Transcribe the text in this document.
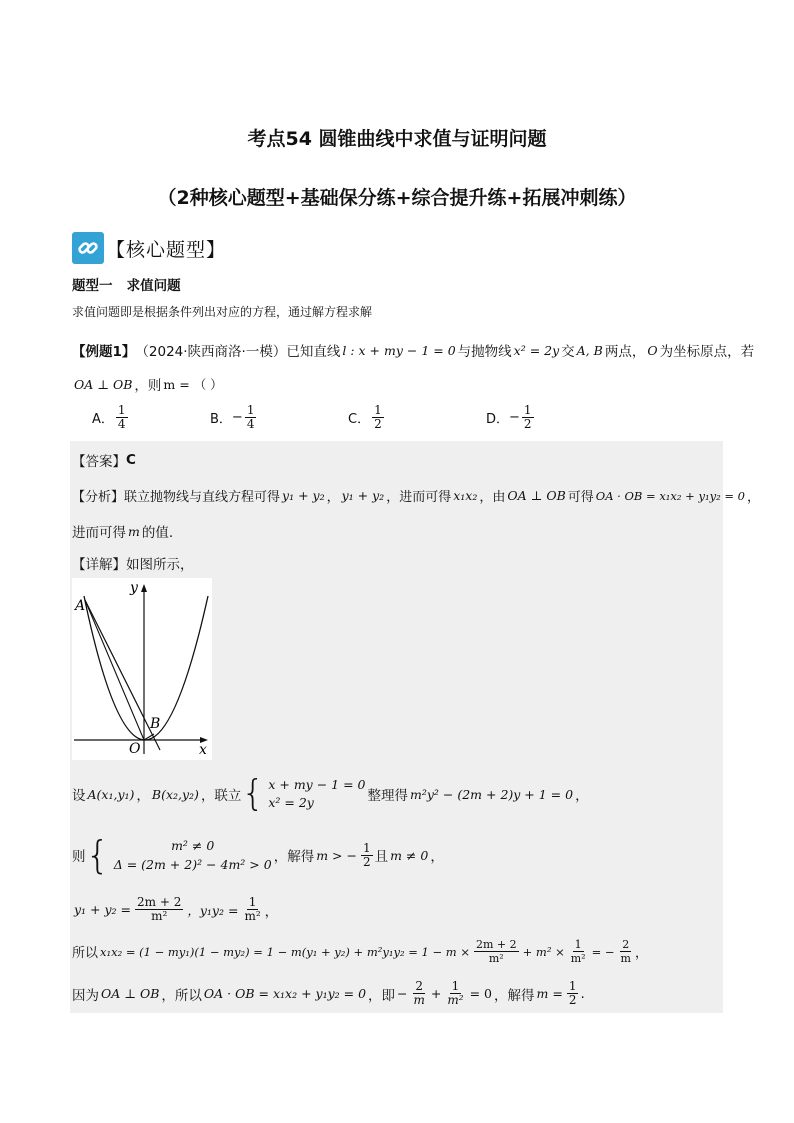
考点54 圆锥曲线中求值与证明问题
（2种核心题型+基础保分练+综合提升练+拓展冲刺练）
【核心题型】
题型一   求值问题
求值问题即是根据条件列出对应的方程，通过解方程求解
【例题1】 （2024·陕西商洛·一模） 已知直线 l : x + my − 1 = 0 与抛物线 x² = 2y 交 A, B 两点， O 为坐标原点，若
OA ⊥ OB ，则 m = （ ）
A． $\frac{1}{4}$	B． − $\frac{1}{4}$	C． $\frac{1}{2}$	D． − $\frac{1}{2}$
【答案】 C
【分析】 联立抛物线与直线方程可得 y₁ + y₂ ， y₁ + y₂ ，进而可得 x₁x₂ ，由 OA ⊥ OB 可得 OA · OB = x₁x₂ + y₁y₂ = 0 ，
进而可得 m 的值.
【详解】 如图所示，
A
B
O	x
y
设 A(x₁,y₁) ， B(x₂,y₂) ，联立 { x + my − 1 = 0
x² = 2y	整理得 m²y² − (2m + 2)y + 1 = 0 ，
则 {	m² ≠ 0
Δ = (2m + 2)² − 4m² > 0 ，解得 m > − $\frac{1}{2}$ 且 m ≠ 0 ，
$y_1 + y_2 = \frac{2m + 2}{\text{m²}}$ ，$y_1y_2 = \frac{1}{\text{m²}}$ ，
所以 $x_1x_2 = (1 - my_1)(1 - my_2) = 1 - m(y_1 + y_2) + m^2y_1y_2 = 1 - m \times \frac{2m + 2}{\text{m²}} + m^2 \times \frac{1}{\text{m²}}$ = − $\frac{2}{m}$ ，
因为 OA ⊥ OB ，所以 OA · OB = x₁x₂ + y₁y₂ = 0 ，即 − $\frac{2}{m} + \frac{1}{\text{m²}} = 0$ ，解得 $m = \frac{1}{2}$ .
